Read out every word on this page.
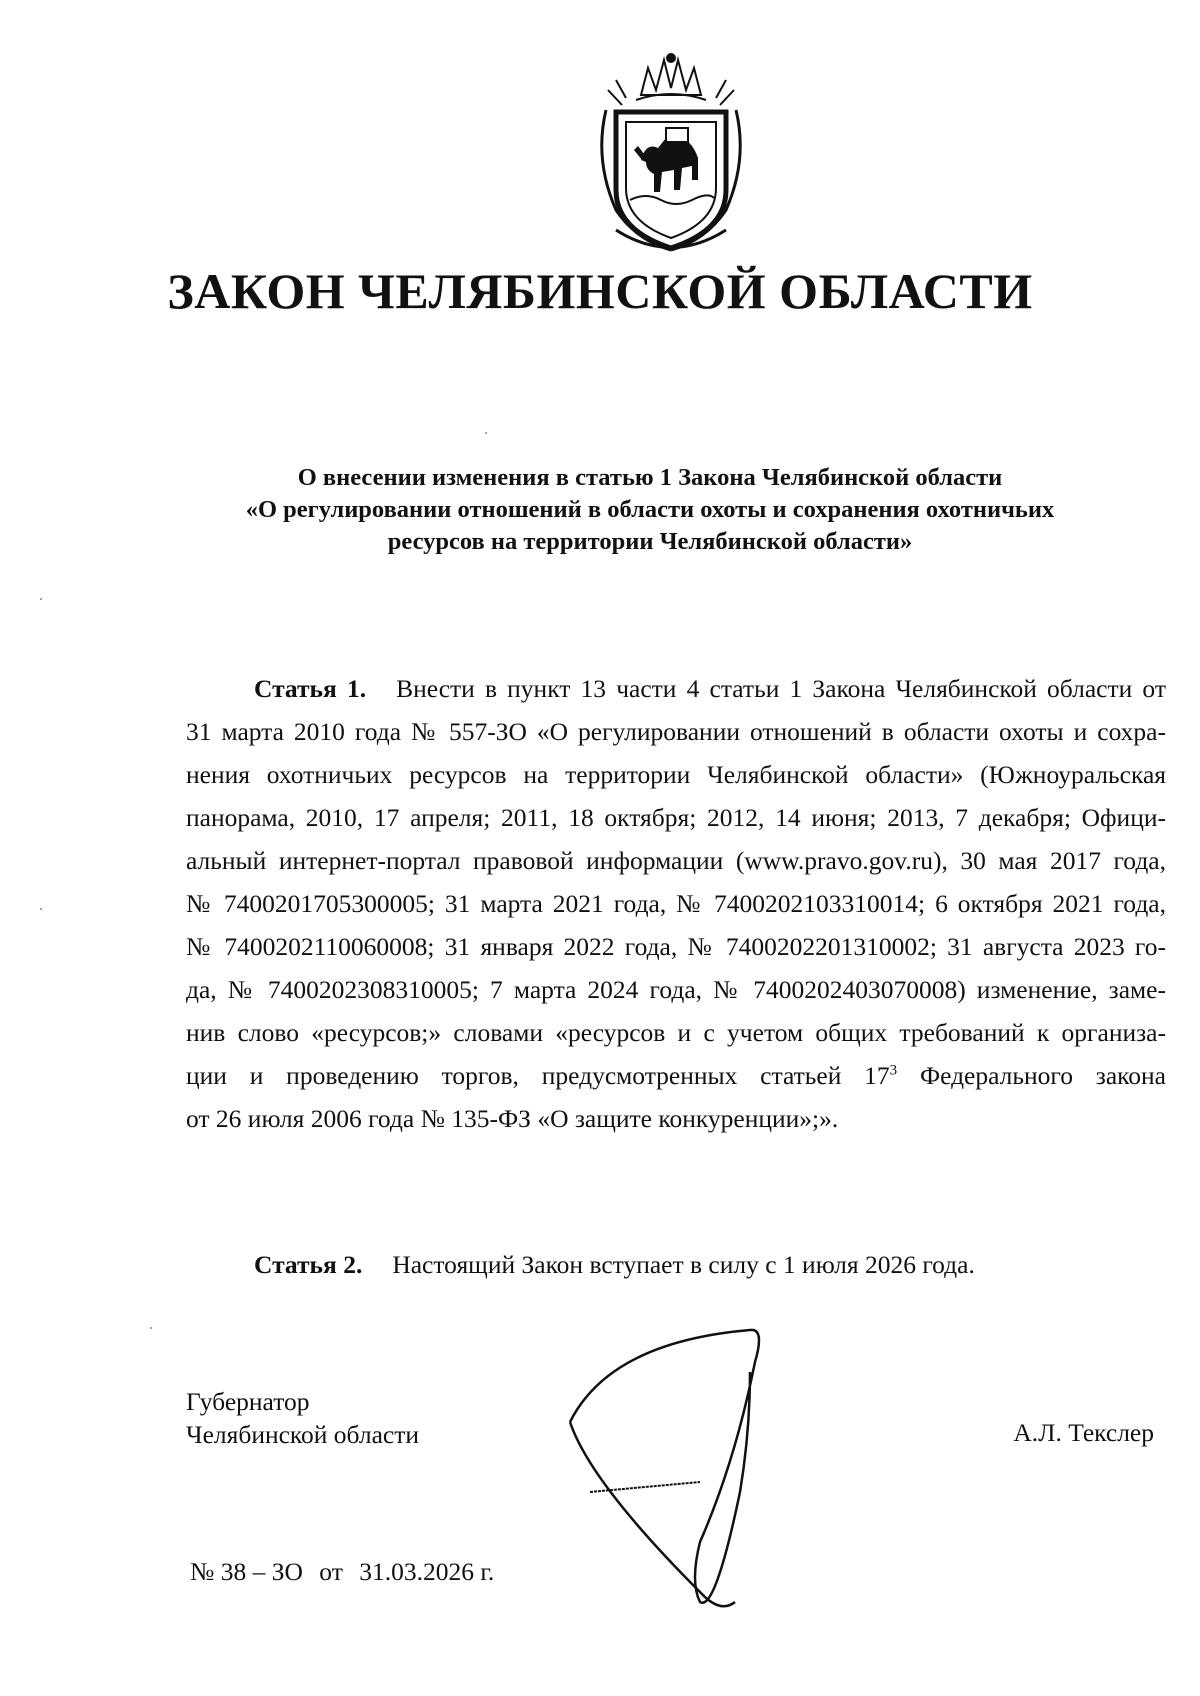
ЗАКОН ЧЕЛЯБИНСКОЙ ОБЛАСТИ
О внесении изменения в статью 1 Закона Челябинской области
«О регулировании отношений в области охоты и сохранения охотничьих
ресурсов на территории Челябинской области»
Статья 1. Внести в пункт 13 части 4 статьи 1 Закона Челябинской области от
31 марта 2010 года № 557-ЗО «О регулировании отношений в области охоты и сохра-
нения охотничьих ресурсов на территории Челябинской области» (Южноуральская
панорама, 2010, 17 апреля; 2011, 18 октября; 2012, 14 июня; 2013, 7 декабря; Офици-
альный интернет-портал правовой информации (www.pravo.gov.ru), 30 мая 2017 года,
№ 7400201705300005; 31 марта 2021 года, № 7400202103310014; 6 октября 2021 года,
№ 7400202110060008; 31 января 2022 года, № 7400202201310002; 31 августа 2023 го-
да, № 7400202308310005; 7 марта 2024 года, № 7400202403070008) изменение, заме-
нив слово «ресурсов;» словами «ресурсов и с учетом общих требований к организа-
ции и проведению торгов, предусмотренных статьей $17^3$ Федерального закона
от 26 июля 2006 года № 135-ФЗ «О защите конкуренции»;».
Статья 2. Настоящий Закон вступает в силу с 1 июля 2026 года.
Губернатор
Челябинской области	А.Л. Текслер
№ 38 – ЗО от 31.03.2026 г.
